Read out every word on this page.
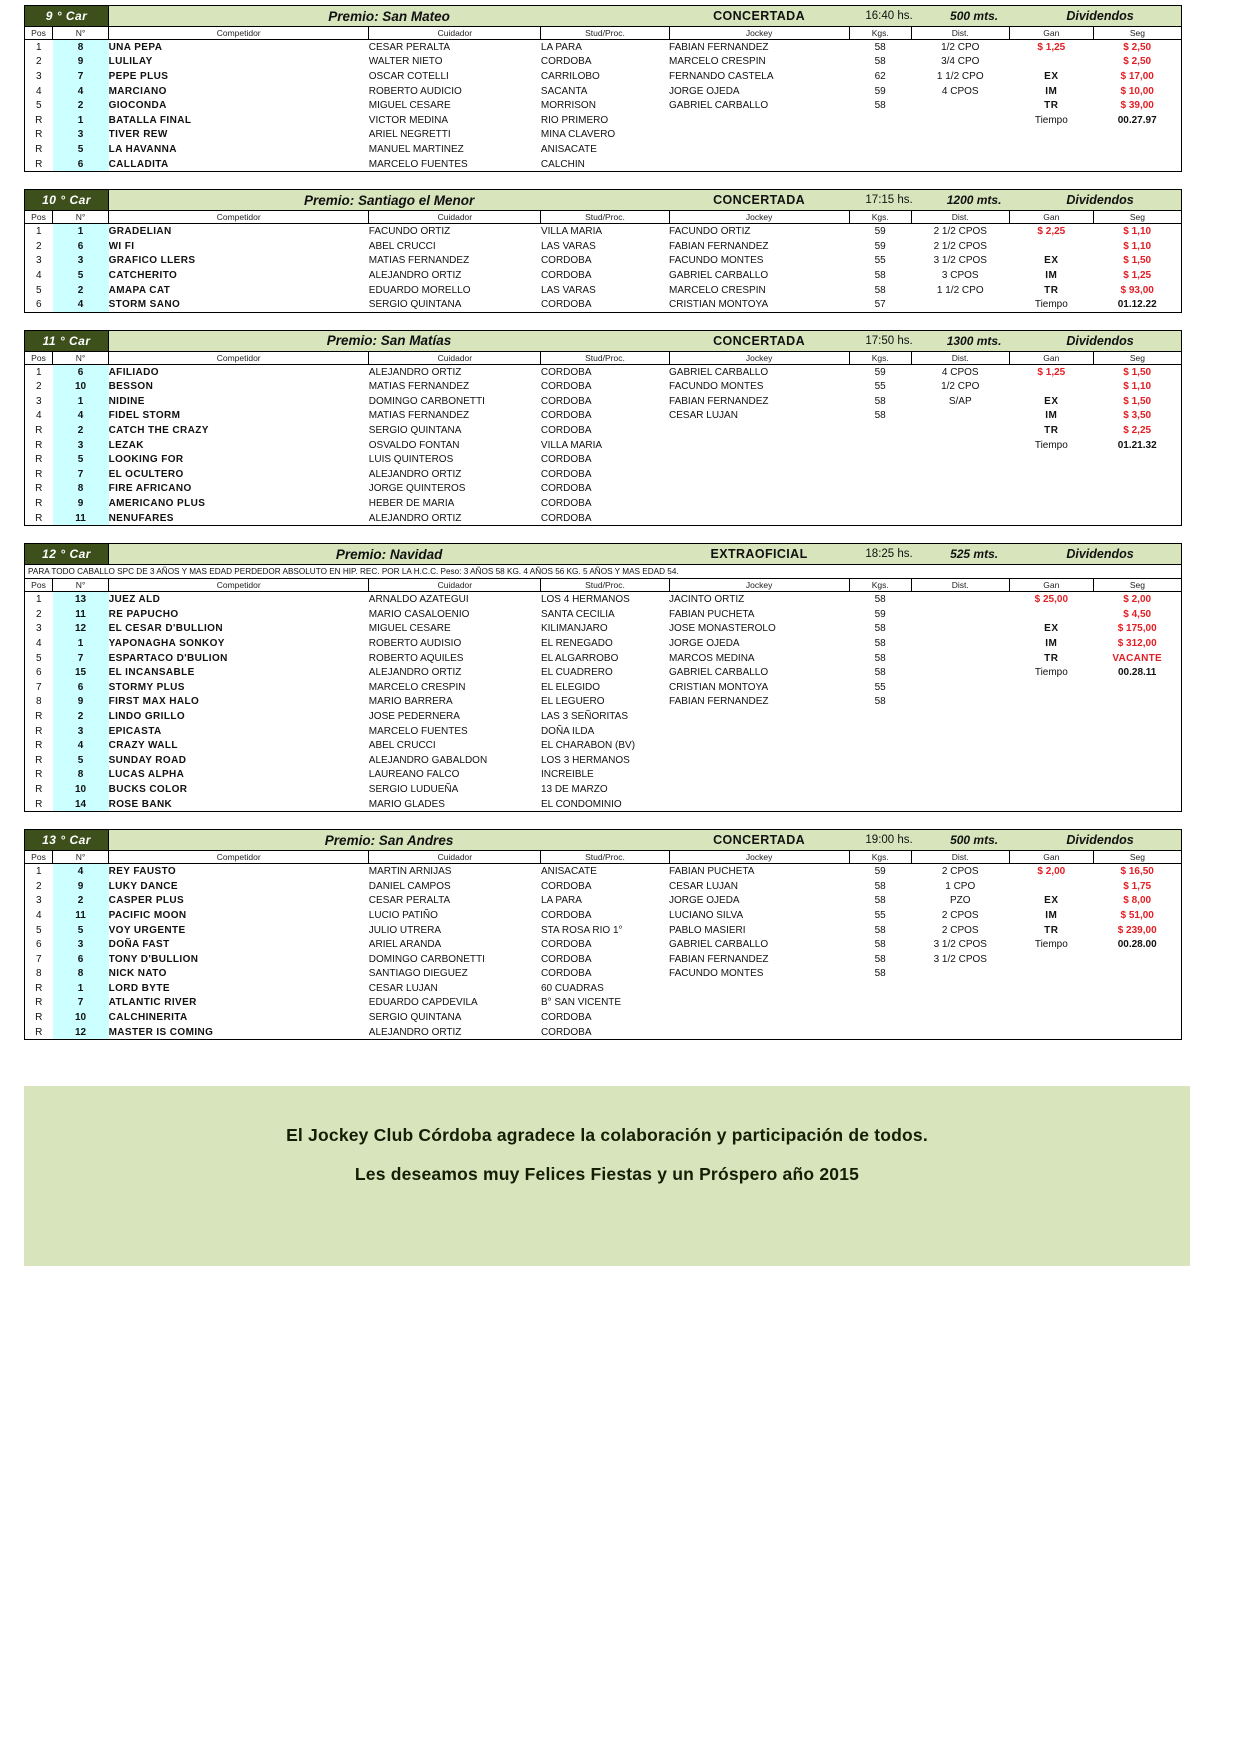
9 ° Car		Premio: San Mateo CONCERTADA 16:40 hs. 500 mts. Dividendos							

Pos	N°	Competidor	Cuidador	Stud/Proc.	Jockey	Kgs.	Dist.	Gan	Seg
1	8	UNA PEPA	CESAR PERALTA	LA PARA	FABIAN FERNANDEZ	58	1/2 CPO	$ 1,25	$ 2,50
2	9	LULILAY	WALTER NIETO	CORDOBA	MARCELO CRESPIN	58	3/4 CPO		$ 2,50
3	7	PEPE PLUS	OSCAR COTELLI	CARRILOBO	FERNANDO CASTELA	62	1 1/2 CPO	EX	$ 17,00
4	4	MARCIANO	ROBERTO AUDICIO	SACANTA	JORGE OJEDA	59	4 CPOS	IM	$ 10,00
5	2	GIOCONDA	MIGUEL CESARE	MORRISON	GABRIEL CARBALLO	58		TR	$ 39,00
R	1	BATALLA FINAL	VICTOR MEDINA	RIO PRIMERO				Tiempo	00.27.97
R	3	TIVER REW	ARIEL NEGRETTI	MINA CLAVERO					
R	5	LA HAVANNA	MANUEL MARTINEZ	ANISACATE					
R	6	CALLADITA	MARCELO FUENTES	CALCHIN					
10 ° Car		Premio: Santiago el Menor CONCERTADA 17:15 hs. 1200 mts. Dividendos							

Pos	N°	Competidor	Cuidador	Stud/Proc.	Jockey	Kgs.	Dist.	Gan	Seg
1	1	GRADELIAN	FACUNDO ORTIZ	VILLA MARIA	FACUNDO ORTIZ	59	2 1/2 CPOS	$ 2,25	$ 1,10
2	6	WI FI	ABEL CRUCCI	LAS VARAS	FABIAN FERNANDEZ	59	2 1/2 CPOS		$ 1,10
3	3	GRAFICO LLERS	MATIAS FERNANDEZ	CORDOBA	FACUNDO MONTES	55	3 1/2 CPOS	EX	$ 1,50
4	5	CATCHERITO	ALEJANDRO ORTIZ	CORDOBA	GABRIEL CARBALLO	58	3 CPOS	IM	$ 1,25
5	2	AMAPA CAT	EDUARDO MORELLO	LAS VARAS	MARCELO CRESPIN	58	1 1/2 CPO	TR	$ 93,00
6	4	STORM SANO	SERGIO QUINTANA	CORDOBA	CRISTIAN MONTOYA	57		Tiempo	01.12.22
11 ° Car		Premio: San Matías CONCERTADA 17:50 hs. 1300 mts. Dividendos							

Pos	N°	Competidor	Cuidador	Stud/Proc.	Jockey	Kgs.	Dist.	Gan	Seg
1	6	AFILIADO	ALEJANDRO ORTIZ	CORDOBA	GABRIEL CARBALLO	59	4 CPOS	$ 1,25	$ 1,50
2	10	BESSON	MATIAS FERNANDEZ	CORDOBA	FACUNDO MONTES	55	1/2 CPO		$ 1,10
3	1	NIDINE	DOMINGO CARBONETTI	CORDOBA	FABIAN FERNANDEZ	58	S/AP	EX	$ 1,50
4	4	FIDEL STORM	MATIAS FERNANDEZ	CORDOBA	CESAR LUJAN	58		IM	$ 3,50
R	2	CATCH THE CRAZY	SERGIO QUINTANA	CORDOBA				TR	$ 2,25
R	3	LEZAK	OSVALDO FONTAN	VILLA MARIA				Tiempo	01.21.32
R	5	LOOKING FOR	LUIS QUINTEROS	CORDOBA					
R	7	EL OCULTERO	ALEJANDRO ORTIZ	CORDOBA					
R	8	FIRE AFRICANO	JORGE QUINTEROS	CORDOBA					
R	9	AMERICANO PLUS	HEBER DE MARIA	CORDOBA					
R	11	NENUFARES	ALEJANDRO ORTIZ	CORDOBA					
12 ° Car		Premio: Navidad EXTRAOFICIAL 18:25 hs. 525 mts. Dividendos							

PARA TODO CABALLO SPC DE 3 AÑOS Y MAS EDAD PERDEDOR ABSOLUTO EN HIP. REC. POR LA H.C.C. Peso: 3 AÑOS 58 KG. 4 AÑOS 56 KG. 5 AÑOS Y MAS EDAD 54.									
Pos	N°	Competidor	Cuidador	Stud/Proc.	Jockey	Kgs.	Dist.	Gan	Seg
1	13	JUEZ ALD	ARNALDO AZATEGUI	LOS 4 HERMANOS	JACINTO ORTIZ	58		$ 25,00	$ 2,00
2	11	RE PAPUCHO	MARIO CASALOENIO	SANTA CECILIA	FABIAN PUCHETA	59			$ 4,50
3	12	EL CESAR D'BULLION	MIGUEL CESARE	KILIMANJARO	JOSE MONASTEROLO	58		EX	$ 175,00
4	1	YAPONAGHA SONKOY	ROBERTO AUDISIO	EL RENEGADO	JORGE OJEDA	58		IM	$ 312,00
5	7	ESPARTACO D'BULION	ROBERTO AQUILES	EL ALGARROBO	MARCOS MEDINA	58		TR	VACANTE
6	15	EL INCANSABLE	ALEJANDRO ORTIZ	EL CUADRERO	GABRIEL CARBALLO	58		Tiempo	00.28.11
7	6	STORMY PLUS	MARCELO CRESPIN	EL ELEGIDO	CRISTIAN MONTOYA	55			
8	9	FIRST MAX HALO	MARIO BARRERA	EL LEGUERO	FABIAN FERNANDEZ	58			
R	2	LINDO GRILLO	JOSE PEDERNERA	LAS 3 SEÑORITAS					
R	3	EPICASTA	MARCELO FUENTES	DOÑA ILDA					
R	4	CRAZY WALL	ABEL CRUCCI	EL CHARABON (BV)					
R	5	SUNDAY ROAD	ALEJANDRO GABALDON	LOS 3 HERMANOS					
R	8	LUCAS ALPHA	LAUREANO FALCO	INCREIBLE					
R	10	BUCKS COLOR	SERGIO LUDUEÑA	13 DE MARZO					
R	14	ROSE BANK	MARIO GLADES	EL CONDOMINIO					
13 ° Car		Premio: San Andres CONCERTADA 19:00 hs. 500 mts. Dividendos							

Pos	N°	Competidor	Cuidador	Stud/Proc.	Jockey	Kgs.	Dist.	Gan	Seg
1	4	REY FAUSTO	MARTIN ARNIJAS	ANISACATE	FABIAN PUCHETA	59	2 CPOS	$ 2,00	$ 16,50
2	9	LUKY DANCE	DANIEL CAMPOS	CORDOBA	CESAR LUJAN	58	1 CPO		$ 1,75
3	2	CASPER PLUS	CESAR PERALTA	LA PARA	JORGE OJEDA	58	PZO	EX	$ 8,00
4	11	PACIFIC MOON	LUCIO PATIÑO	CORDOBA	LUCIANO SILVA	55	2 CPOS	IM	$ 51,00
5	5	VOY URGENTE	JULIO UTRERA	STA ROSA RIO 1°	PABLO MASIERI	58	2 CPOS	TR	$ 239,00
6	3	DOÑA FAST	ARIEL ARANDA	CORDOBA	GABRIEL CARBALLO	58	3 1/2 CPOS	Tiempo	00.28.00
7	6	TONY D'BULLION	DOMINGO CARBONETTI	CORDOBA	FABIAN FERNANDEZ	58	3 1/2 CPOS		
8	8	NICK NATO	SANTIAGO DIEGUEZ	CORDOBA	FACUNDO MONTES	58			
R	1	LORD BYTE	CESAR LUJAN	60 CUADRAS					
R	7	ATLANTIC RIVER	EDUARDO CAPDEVILA	B° SAN VICENTE					
R	10	CALCHINERITA	SERGIO QUINTANA	CORDOBA					
R	12	MASTER IS COMING	ALEJANDRO ORTIZ	CORDOBA					

El Jockey Club Córdoba agradece la colaboración y participación de todos.

Les deseamos muy Felices Fiestas y un Próspero año 2015
